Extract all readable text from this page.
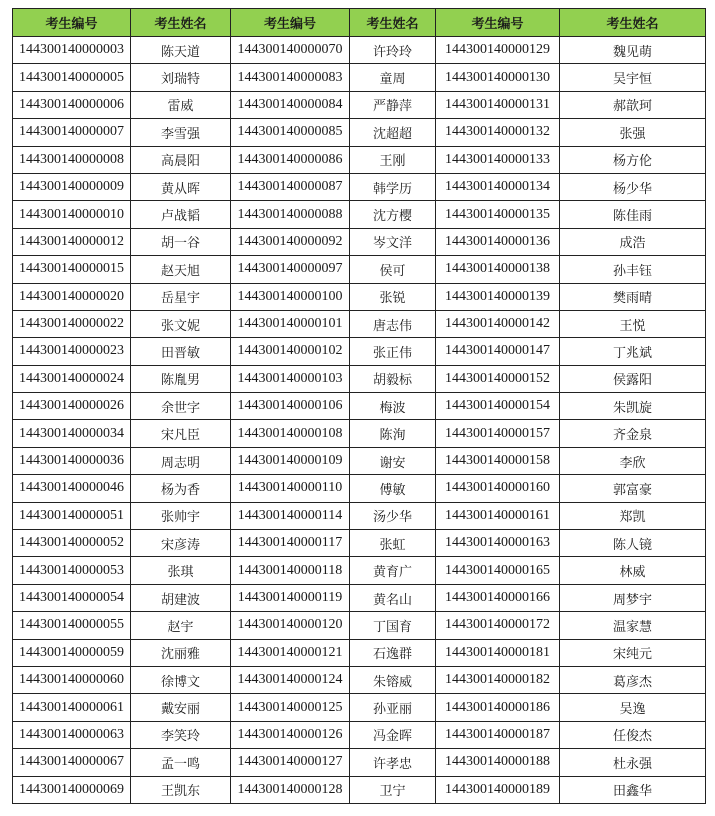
考生编号	考生姓名	考生编号	考生姓名	考生编号	考生姓名
144300140000003	陈天道	144300140000070	许玲玲	144300140000129	魏见萌
144300140000005	刘瑞特	144300140000083	童周	144300140000130	吴宇恒
144300140000006	雷威	144300140000084	严静萍	144300140000131	郝歆珂
144300140000007	李雪强	144300140000085	沈超超	144300140000132	张强
144300140000008	高晨阳	144300140000086	王刚	144300140000133	杨方伦
144300140000009	黄从晖	144300140000087	韩学历	144300140000134	杨少华
144300140000010	卢战韬	144300140000088	沈方樱	144300140000135	陈佳雨
144300140000012	胡一谷	144300140000092	岑文洋	144300140000136	成浩
144300140000015	赵天旭	144300140000097	侯可	144300140000138	孙丰钰
144300140000020	岳星宇	144300140000100	张锐	144300140000139	樊雨晴
144300140000022	张文妮	144300140000101	唐志伟	144300140000142	王悦
144300140000023	田晋敏	144300140000102	张正伟	144300140000147	丁兆斌
144300140000024	陈胤男	144300140000103	胡毅标	144300140000152	侯露阳
144300140000026	余世字	144300140000106	梅波	144300140000154	朱凯旋
144300140000034	宋凡臣	144300140000108	陈洵	144300140000157	齐金泉
144300140000036	周志明	144300140000109	谢安	144300140000158	李欣
144300140000046	杨为香	144300140000110	傅敏	144300140000160	郭富豪
144300140000051	张帅宇	144300140000114	汤少华	144300140000161	郑凯
144300140000052	宋彦涛	144300140000117	张虹	144300140000163	陈人镜
144300140000053	张琪	144300140000118	黄育广	144300140000165	林威
144300140000054	胡建波	144300140000119	黄名山	144300140000166	周梦宇
144300140000055	赵宇	144300140000120	丁国育	144300140000172	温家慧
144300140000059	沈丽雅	144300140000121	石逸群	144300140000181	宋纯元
144300140000060	徐博文	144300140000124	朱镕威	144300140000182	葛彦杰
144300140000061	戴安丽	144300140000125	孙亚丽	144300140000186	吴逸
144300140000063	李笑玲	144300140000126	冯金晖	144300140000187	任俊杰
144300140000067	孟一鸣	144300140000127	许孝忠	144300140000188	杜永强
144300140000069	王凯东	144300140000128	卫宁	144300140000189	田鑫华
